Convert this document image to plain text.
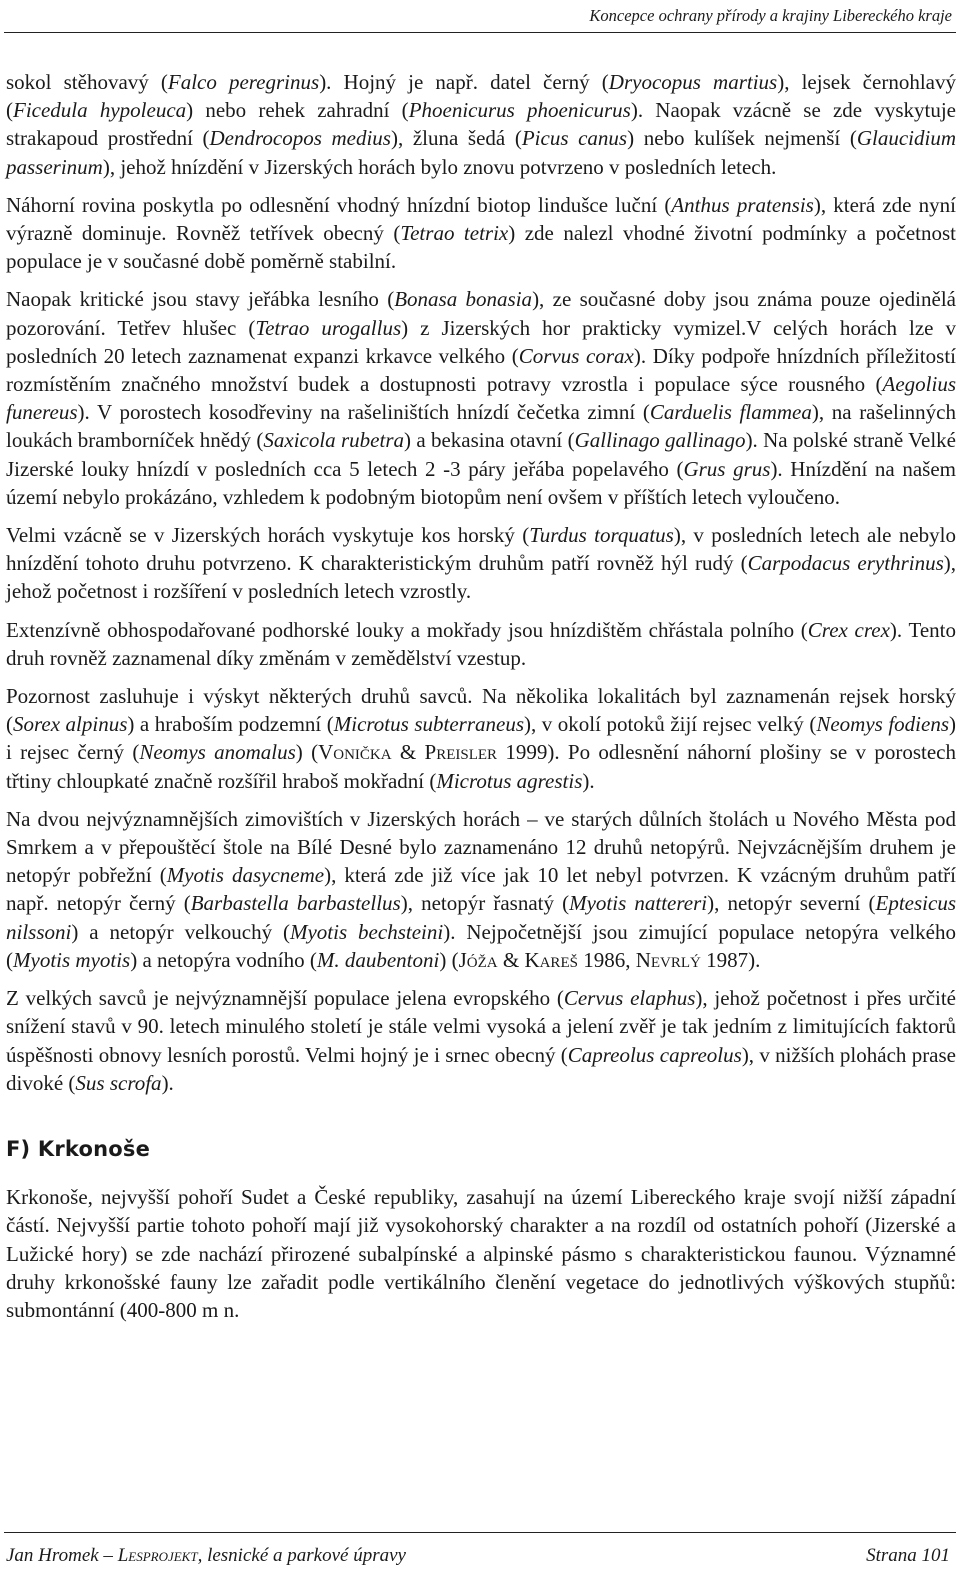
Koncepce ochrany přírody a krajiny Libereckého kraje

sokol stěhovavý (Falco peregrinus). Hojný je např. datel černý (Dryocopus martius), lejsek černohlavý (Ficedula hypoleuca) nebo rehek zahradní (Phoenicurus phoenicurus). Naopak vzácně se zde vyskytuje strakapoud prostřední (Dendrocopos medius), žluna šedá (Picus canus) nebo kulíšek nejmenší (Glaucidium passerinum), jehož hnízdění v Jizerských horách bylo znovu potvrzeno v posledních letech.

Náhorní rovina poskytla po odlesnění vhodný hnízdní biotop lindušce luční (Anthus pratensis), která zde nyní výrazně dominuje. Rovněž tetřívek obecný (Tetrao tetrix) zde nalezl vhodné životní podmínky a početnost populace je v současné době poměrně stabilní.

Naopak kritické jsou stavy jeřábka lesního (Bonasa bonasia), ze současné doby jsou známa pouze ojedinělá pozorování. Tetřev hlušec (Tetrao urogallus) z Jizerských hor prakticky vymizel.V celých horách lze v posledních 20 letech zaznamenat expanzi krkavce velkého (Corvus corax). Díky podpoře hnízdních příležitostí rozmístěním značného množství budek a dostupnosti potravy vzrostla i populace sýce rousného (Aegolius funereus). V porostech kosodřeviny na rašeliništích hnízdí čečetka zimní (Carduelis flammea), na rašelinných loukách bramborníček hnědý (Saxicola rubetra) a bekasina otavní (Gallinago gallinago). Na polské straně Velké Jizerské louky hnízdí v posledních cca 5 letech 2 -3 páry jeřába popelavého (Grus grus). Hnízdění na našem území nebylo prokázáno, vzhledem k podobným biotopům není ovšem v příštích letech vyloučeno.

Velmi vzácně se v Jizerských horách vyskytuje kos horský (Turdus torquatus), v posledních letech ale nebylo hnízdění tohoto druhu potvrzeno. K charakteristickým druhům patří rovněž hýl rudý (Carpodacus erythrinus), jehož početnost i rozšíření v posledních letech vzrostly.

Extenzívně obhospodařované podhorské louky a mokřady jsou hnízdištěm chřástala polního (Crex crex). Tento druh rovněž zaznamenal díky změnám v zemědělství vzestup.

Pozornost zasluhuje i výskyt některých druhů savců. Na několika lokalitách byl zaznamenán rejsek horský (Sorex alpinus) a hraboším podzemní (Microtus subterraneus), v okolí potoků žijí rejsec velký (Neomys fodiens) i rejsec černý (Neomys anomalus) (Vonička & Preisler 1999). Po odlesnění náhorní plošiny se v porostech třtiny chloupkaté značně rozšířil hraboš mokřadní (Microtus agrestis).

Na dvou nejvýznamnějších zimovištích v Jizerských horách – ve starých důlních štolách u Nového Města pod Smrkem a v přepouštěcí štole na Bílé Desné bylo zaznamenáno 12 druhů netopýrů. Nejvzácnějším druhem je netopýr pobřežní (Myotis dasycneme), která zde již více jak 10 let nebyl potvrzen. K vzácným druhům patří např. netopýr černý (Barbastella barbastellus), netopýr řasnatý (Myotis nattereri), netopýr severní (Eptesicus nilssoni) a netopýr velkouchý (Myotis bechsteini). Nejpočetnější jsou zimující populace netopýra velkého (Myotis myotis) a netopýra vodního (M. daubentoni) (Jóža & Kareš 1986, Nevrlý 1987).

Z velkých savců je nejvýznamnější populace jelena evropského (Cervus elaphus), jehož početnost i přes určité snížení stavů v 90. letech minulého století je stále velmi vysoká a jelení zvěř je tak jedním z limitujících faktorů úspěšnosti obnovy lesních porostů. Velmi hojný je i srnec obecný (Capreolus capreolus), v nižších plohách prase divoké (Sus scrofa).

F) Krkonoše

Krkonoše, nejvyšší pohoří Sudet a České republiky, zasahují na území Libereckého kraje svojí nižší západní částí. Nejvyšší partie tohoto pohoří mají již vysokohorský charakter a na rozdíl od ostatních pohoří (Jizerské a Lužické hory) se zde nachází přirozené subalpínské a alpinské pásmo s charakteristickou faunou. Významné druhy krkonošské fauny lze zařadit podle vertikálního členění vegetace do jednotlivých výškových stupňů: submontánní (400-800 m n.

Jan Hromek – Lesprojekt, lesnické a parkové úpravy	Strana 101
